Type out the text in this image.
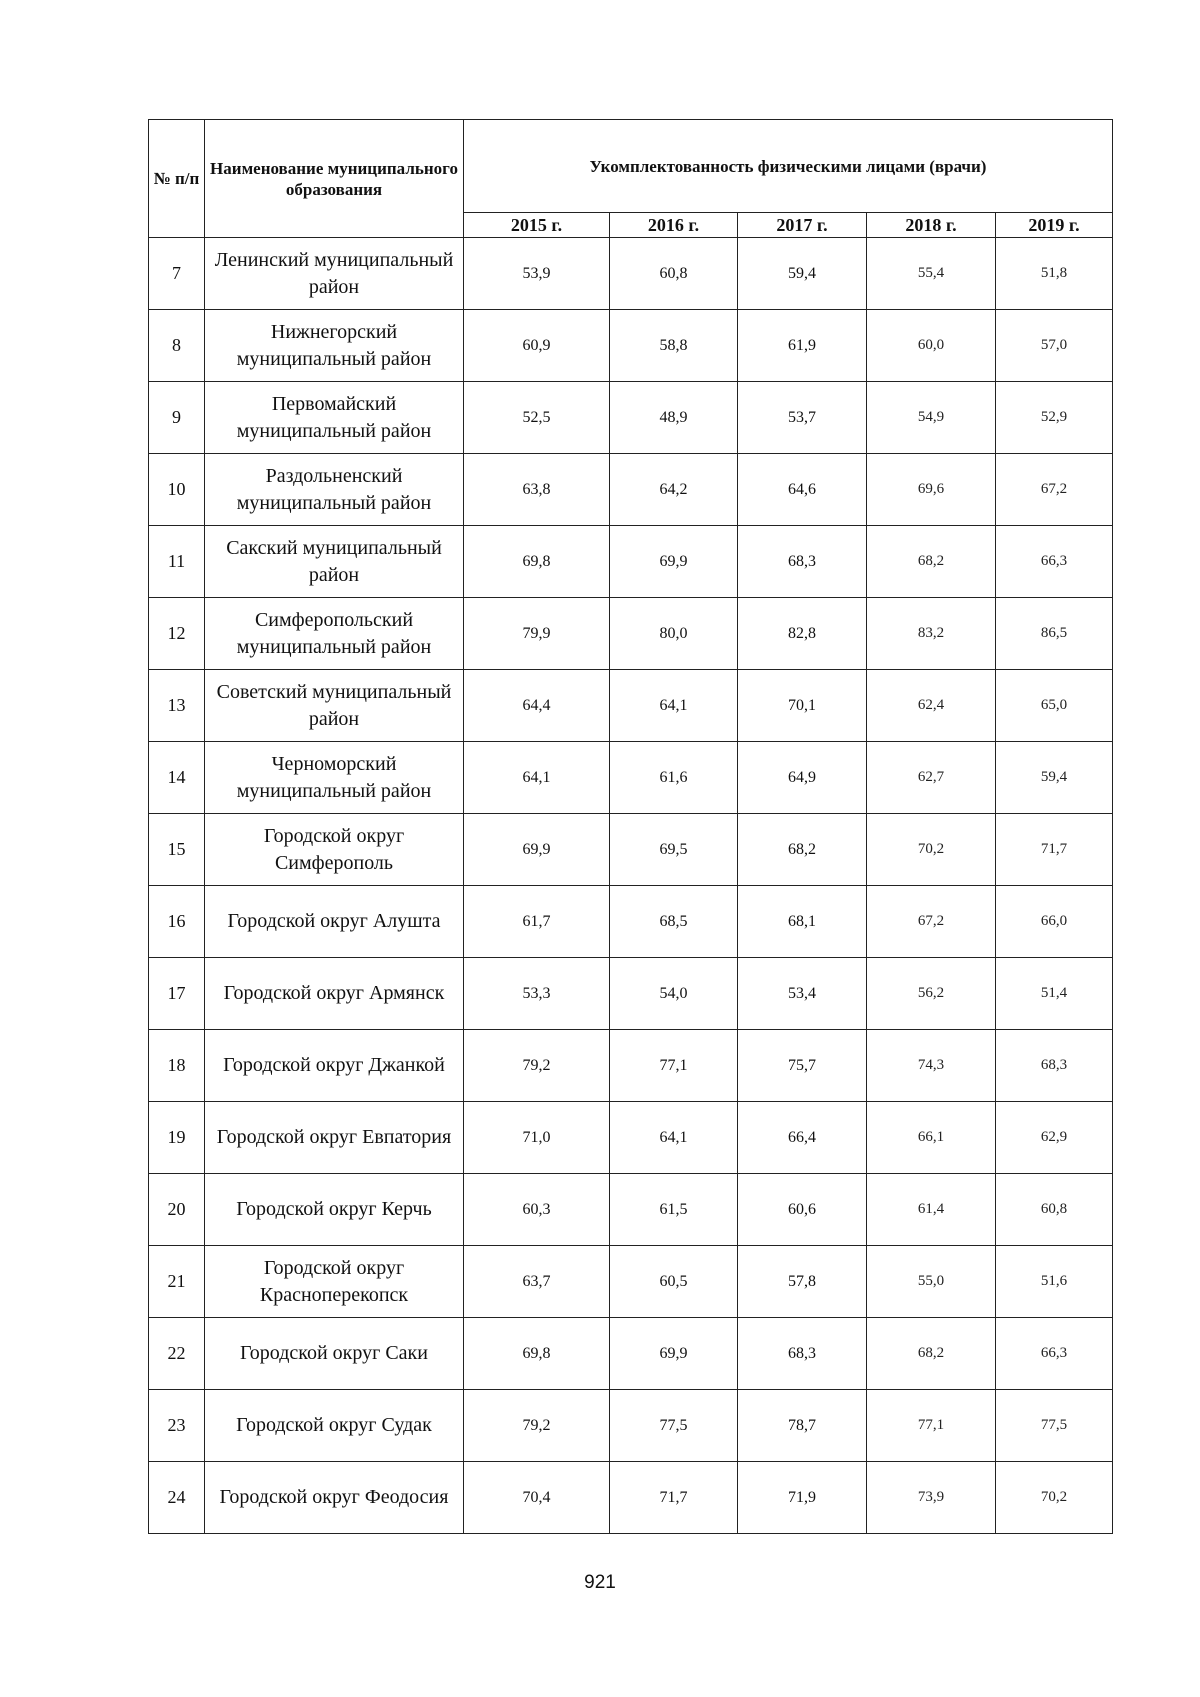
№ п/п	Наименование муниципального образования	Укомплектованность физическими лицами (врачи)				
		2015 г.	2016 г.	2017 г.	2018 г.	2019 г.
7	Ленинский муниципальный район	53,9	60,8	59,4	55,4	51,8
8	Нижнегорский муниципальный район	60,9	58,8	61,9	60,0	57,0
9	Первомайский муниципальный район	52,5	48,9	53,7	54,9	52,9
10	Раздольненский муниципальный район	63,8	64,2	64,6	69,6	67,2
11	Сакский муниципальный район	69,8	69,9	68,3	68,2	66,3
12	Симферопольский муниципальный район	79,9	80,0	82,8	83,2	86,5
13	Советский муниципальный район	64,4	64,1	70,1	62,4	65,0
14	Черноморский муниципальный район	64,1	61,6	64,9	62,7	59,4
15	Городской округ Симферополь	69,9	69,5	68,2	70,2	71,7
16	Городской округ Алушта	61,7	68,5	68,1	67,2	66,0
17	Городской округ Армянск	53,3	54,0	53,4	56,2	51,4
18	Городской округ Джанкой	79,2	77,1	75,7	74,3	68,3
19	Городской округ Евпатория	71,0	64,1	66,4	66,1	62,9
20	Городской округ Керчь	60,3	61,5	60,6	61,4	60,8
21	Городской округ Красноперекопск	63,7	60,5	57,8	55,0	51,6
22	Городской округ Саки	69,8	69,9	68,3	68,2	66,3
23	Городской округ Судак	79,2	77,5	78,7	77,1	77,5
24	Городской округ Феодосия	70,4	71,7	71,9	73,9	70,2
921
